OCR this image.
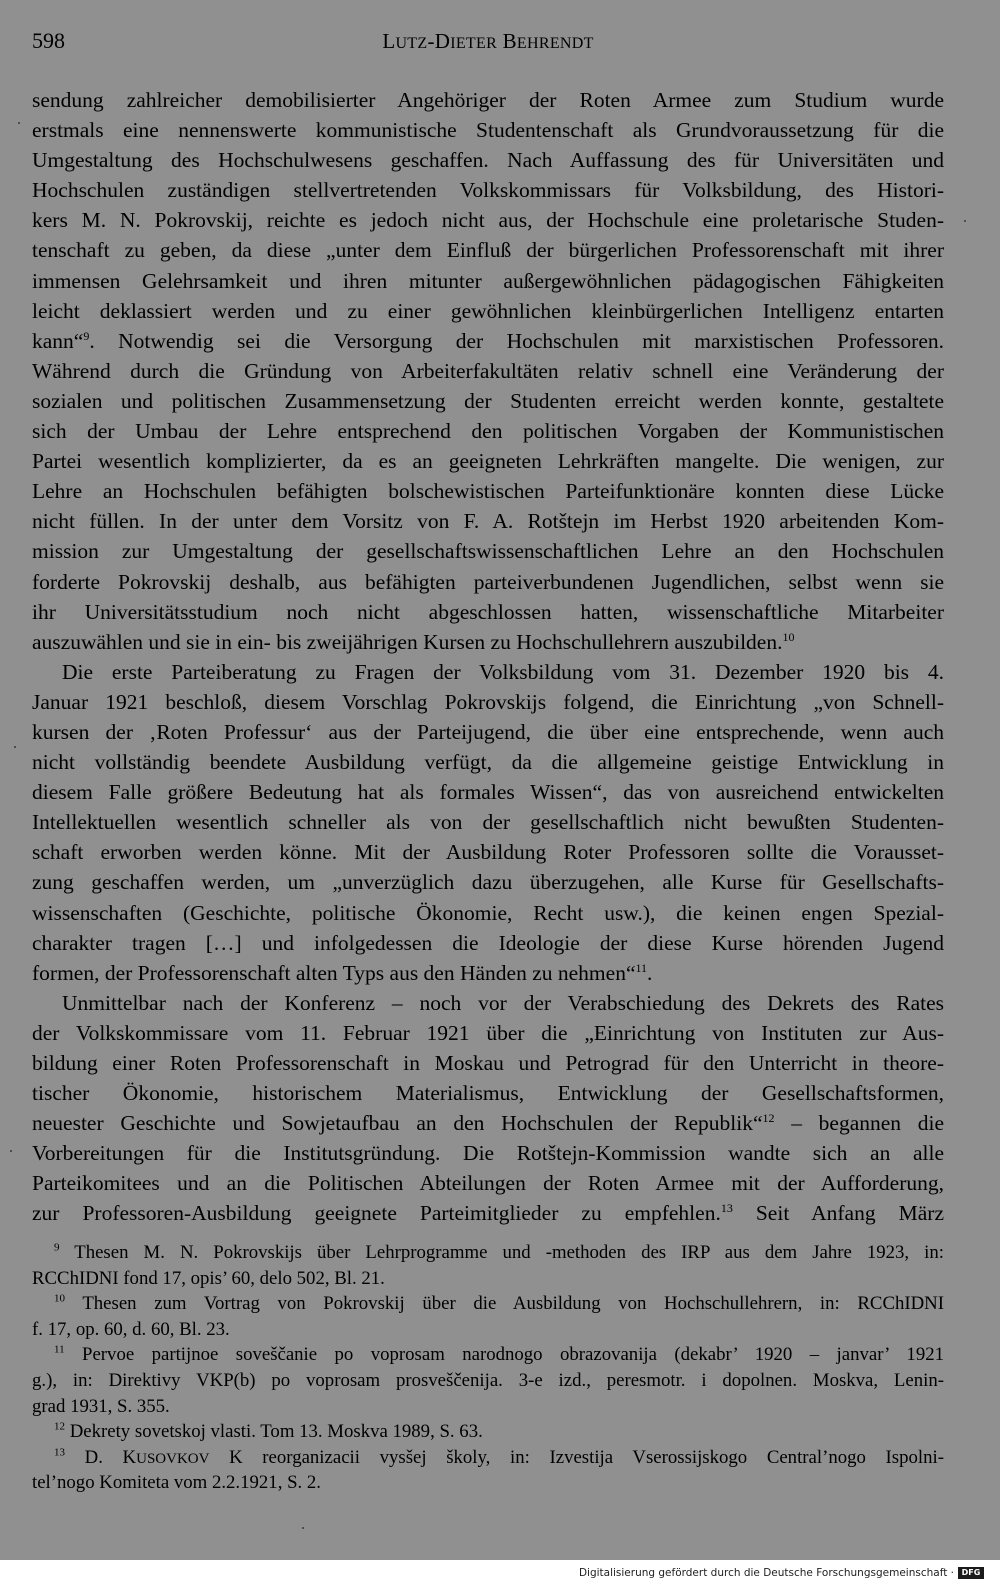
598	LUTZ-DIETER BEHRENDT
sendung zahlreicher demobilisierter Angehöriger der Roten Armee zum Studium wurde
erstmals eine nennenswerte kommunistische Studentenschaft als Grundvoraussetzung für die
Umgestaltung des Hochschulwesens geschaffen. Nach Auffassung des für Universitäten und
Hochschulen zuständigen stellvertretenden Volkskommissars für Volksbildung, des Histori-
kers M. N. Pokrovskij, reichte es jedoch nicht aus, der Hochschule eine proletarische Studen-
tenschaft zu geben, da diese „unter dem Einfluß der bürgerlichen Professorenschaft mit ihrer
immensen Gelehrsamkeit und ihren mitunter außergewöhnlichen pädagogischen Fähigkeiten
leicht deklassiert werden und zu einer gewöhnlichen kleinbürgerlichen Intelligenz entarten
kann“$^9$. Notwendig sei die Versorgung der Hochschulen mit marxistischen Professoren.
Während durch die Gründung von Arbeiterfakultäten relativ schnell eine Veränderung der
sozialen und politischen Zusammensetzung der Studenten erreicht werden konnte, gestaltete
sich der Umbau der Lehre entsprechend den politischen Vorgaben der Kommunistischen
Partei wesentlich komplizierter, da es an geeigneten Lehrkräften mangelte. Die wenigen, zur
Lehre an Hochschulen befähigten bolschewistischen Parteifunktionäre konnten diese Lücke
nicht füllen. In der unter dem Vorsitz von F. A. Rotštejn im Herbst 1920 arbeitenden Kom-
mission zur Umgestaltung der gesellschaftswissenschaftlichen Lehre an den Hochschulen
forderte Pokrovskij deshalb, aus befähigten parteiverbundenen Jugendlichen, selbst wenn sie
ihr Universitätsstudium noch nicht abgeschlossen hatten, wissenschaftliche Mitarbeiter
auszuwählen und sie in ein- bis zweijährigen Kursen zu Hochschullehrern auszubilden.$^{10}$
Die erste Parteiberatung zu Fragen der Volksbildung vom 31. Dezember 1920 bis 4.
Januar 1921 beschloß, diesem Vorschlag Pokrovskijs folgend, die Einrichtung „von Schnell-
kursen der ‚Roten Professur‘ aus der Parteijugend, die über eine entsprechende, wenn auch
nicht vollständig beendete Ausbildung verfügt, da die allgemeine geistige Entwicklung in
diesem Falle größere Bedeutung hat als formales Wissen“, das von ausreichend entwickelten
Intellektuellen wesentlich schneller als von der gesellschaftlich nicht bewußten Studenten-
schaft erworben werden könne. Mit der Ausbildung Roter Professoren sollte die Vorausset-
zung geschaffen werden, um „unverzüglich dazu überzugehen, alle Kurse für Gesellschafts-
wissenschaften (Geschichte, politische Ökonomie, Recht usw.), die keinen engen Spezial-
charakter tragen […] und infolgedessen die Ideologie der diese Kurse hörenden Jugend
formen, der Professorenschaft alten Typs aus den Händen zu nehmen“$^{11}$.
Unmittelbar nach der Konferenz – noch vor der Verabschiedung des Dekrets des Rates
der Volkskommissare vom 11. Februar 1921 über die „Einrichtung von Instituten zur Aus-
bildung einer Roten Professorenschaft in Moskau und Petrograd für den Unterricht in theore-
tischer Ökonomie, historischem Materialismus, Entwicklung der Gesellschaftsformen,
neuester Geschichte und Sowjetaufbau an den Hochschulen der Republik“$^{12}$ – begannen die
Vorbereitungen für die Institutsgründung. Die Rotštejn-Kommission wandte sich an alle
Parteikomitees und an die Politischen Abteilungen der Roten Armee mit der Aufforderung,
zur Professoren-Ausbildung geeignete Parteimitglieder zu empfehlen.$^{13}$ Seit Anfang März
$^9$ Thesen M. N. Pokrovskijs über Lehrprogramme und -methoden des IRP aus dem Jahre 1923, in:
RCChIDNI fond 17, opis’ 60, delo 502, Bl. 21.
$^{10}$ Thesen zum Vortrag von Pokrovskij über die Ausbildung von Hochschullehrern, in: RCChIDNI
f. 17, op. 60, d. 60, Bl. 23.
$^{11}$ Pervoe partijnoe soveščanie po voprosam narodnogo obrazovanija (dekabr’ 1920 – janvar’ 1921
g.), in: Direktivy VKP(b) po voprosam prosveščenija. 3-e izd., peresmotr. i dopolnen. Moskva, Lenin-
grad 1931, S. 355.
$^{12}$ Dekrety sovetskoj vlasti. Tom 13. Moskva 1989, S. 63.
$^{13}$ D. KUSOVKOV K reorganizacii vysšej školy, in: Izvestija Vserossijskogo Central’nogo Ispolni-
tel’nogo Komiteta vom 2.2.1921, S. 2.
Digitalisierung gefördert durch die Deutsche Forschungsgemeinschaft · DFG
